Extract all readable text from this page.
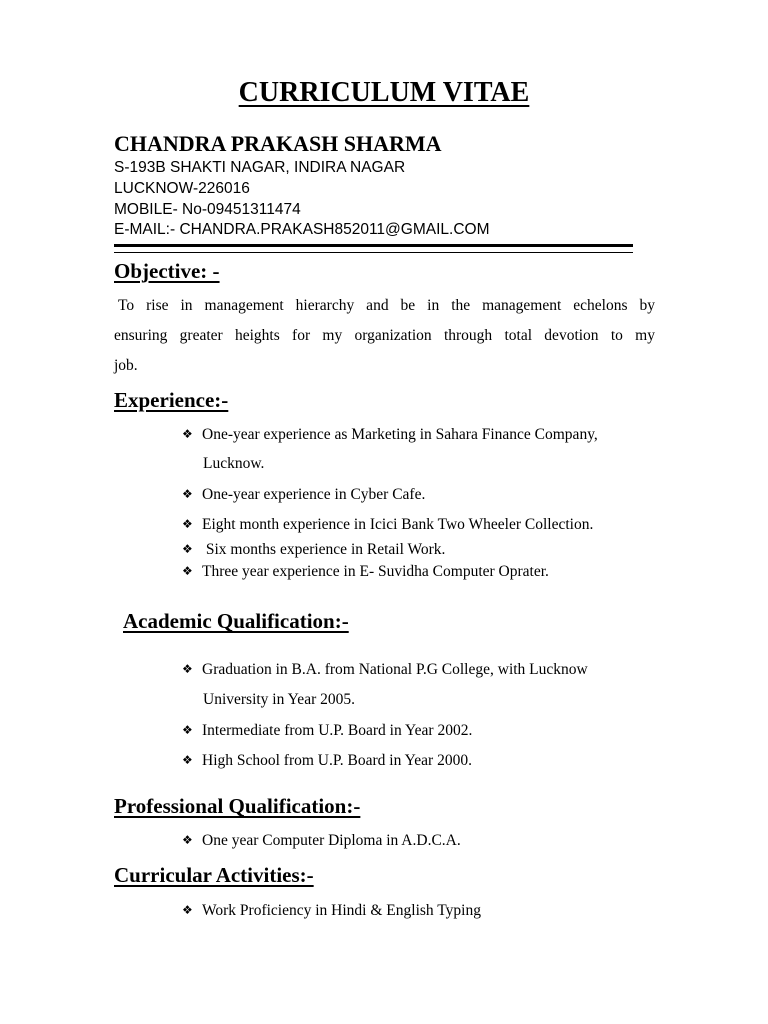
CURRICULUM VITAE
CHANDRA PRAKASH SHARMA
S-193B SHAKTI NAGAR, INDIRA NAGAR
LUCKNOW-226016
MOBILE- No-09451311474
E-MAIL:- CHANDRA.PRAKASH852011@GMAIL.COM
Objective: -
To rise in management hierarchy and be in the management echelons by
ensuring greater heights for my organization through total devotion to my
job.
Experience:-
❖ One-year experience as Marketing in Sahara Finance Company,
Lucknow.
❖ One-year experience in Cyber Cafe.
❖ Eight month experience in Icici Bank Two Wheeler Collection.
❖ Six months experience in Retail Work.
❖ Three year experience in E- Suvidha Computer Oprater.
Academic Qualification:-
❖ Graduation in B.A. from National P.G College, with Lucknow
University in Year 2005.
❖ Intermediate from U.P. Board in Year 2002.
❖ High School from U.P. Board in Year 2000.
Professional Qualification:-
❖ One year Computer Diploma in A.D.C.A.
Curricular Activities:-
❖ Work Proficiency in Hindi & English Typing
